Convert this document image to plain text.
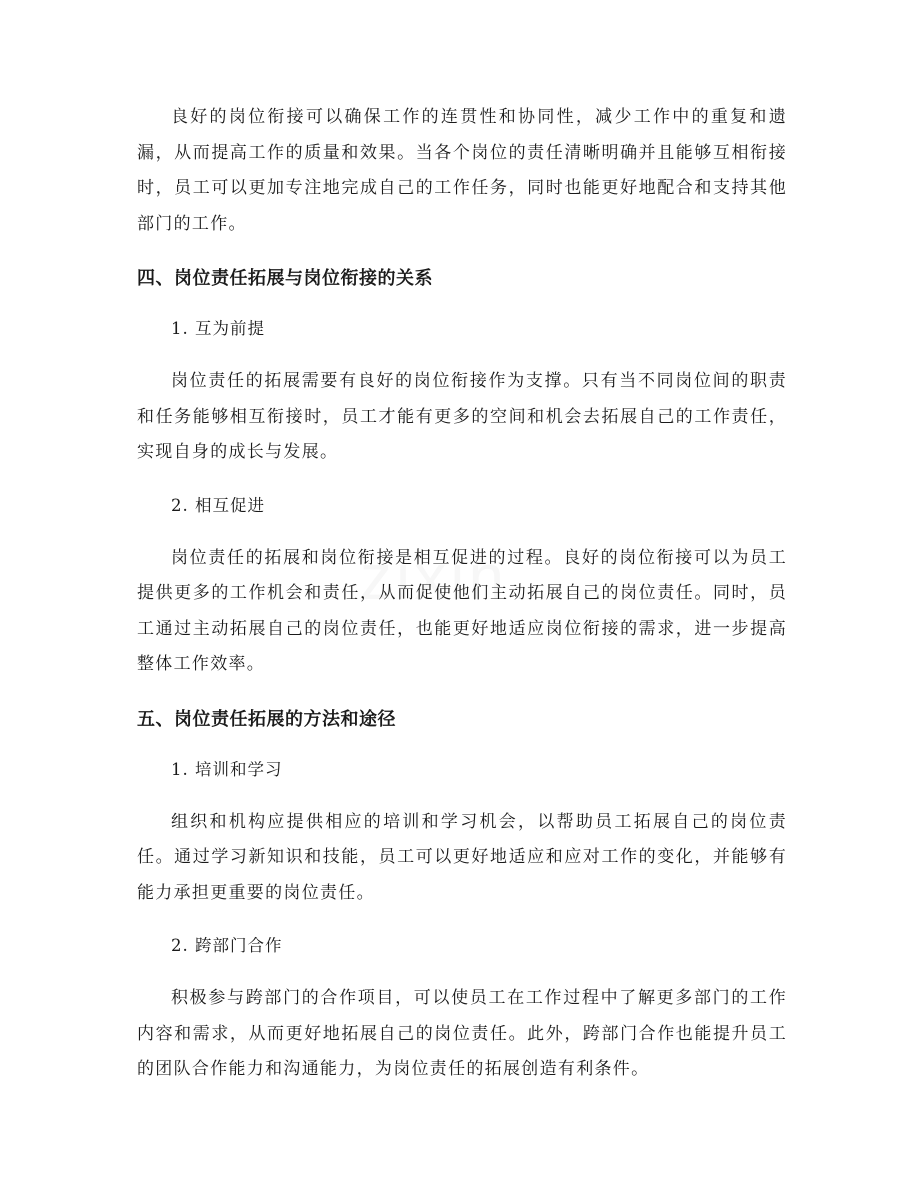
zixin

良好的岗位衔接可以确保工作的连贯性和协同性，减少工作中的重复和遗漏，从而提高工作的质量和效果。当各个岗位的责任清晰明确并且能够互相衔接时，员工可以更加专注地完成自己的工作任务，同时也能更好地配合和支持其他部门的工作。

四、岗位责任拓展与岗位衔接的关系

1. 互为前提

岗位责任的拓展需要有良好的岗位衔接作为支撑。只有当不同岗位间的职责和任务能够相互衔接时，员工才能有更多的空间和机会去拓展自己的工作责任，实现自身的成长与发展。

2. 相互促进

岗位责任的拓展和岗位衔接是相互促进的过程。良好的岗位衔接可以为员工提供更多的工作机会和责任，从而促使他们主动拓展自己的岗位责任。同时，员工通过主动拓展自己的岗位责任，也能更好地适应岗位衔接的需求，进一步提高整体工作效率。

五、岗位责任拓展的方法和途径

1. 培训和学习

组织和机构应提供相应的培训和学习机会，以帮助员工拓展自己的岗位责任。通过学习新知识和技能，员工可以更好地适应和应对工作的变化，并能够有能力承担更重要的岗位责任。

2. 跨部门合作

积极参与跨部门的合作项目，可以使员工在工作过程中了解更多部门的工作内容和需求，从而更好地拓展自己的岗位责任。此外，跨部门合作也能提升员工的团队合作能力和沟通能力，为岗位责任的拓展创造有利条件。
